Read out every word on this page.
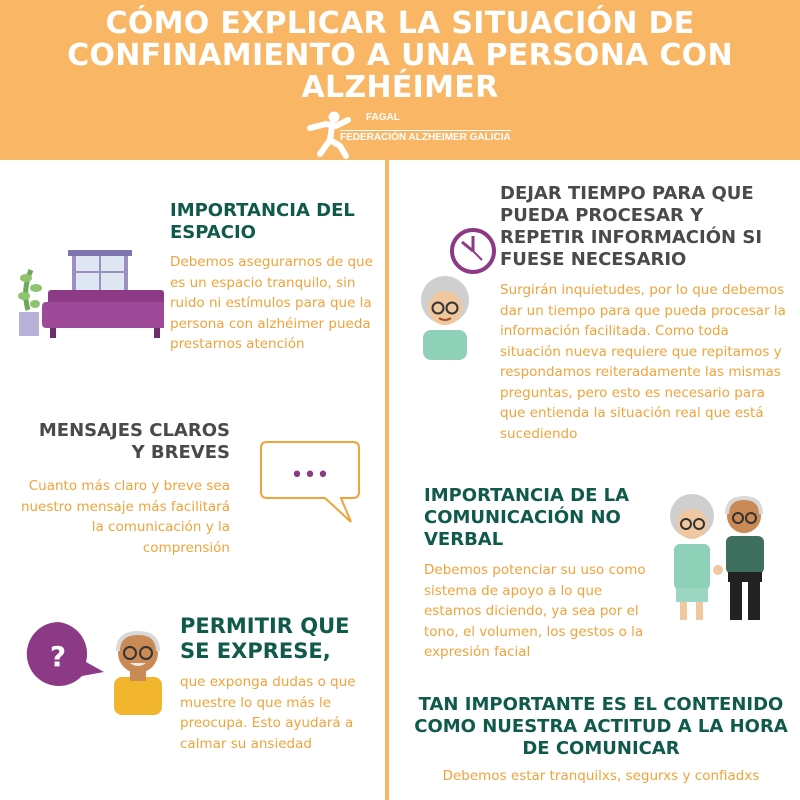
CÓMO EXPLICAR LA SITUACIÓN DE CONFINAMIENTO A UNA PERSONA CON ALZHÉIMER
FAGAL
FEDERACIÓN ALZHEIMER GALICIA
IMPORTANCIA DEL ESPACIO
Debemos asegurarnos de que es un espacio tranquilo, sin ruido ni estímulos para que la persona con alzhéimer pueda prestarnos atención
MENSAJES CLAROS Y BREVES
Cuanto más claro y breve sea nuestro mensaje más facilitará la comunicación y la comprensión
•••
?
PERMITIR QUE SE EXPRESE,
que exponga dudas o que muestre lo que más le preocupa. Esto ayudará a calmar su ansiedad
DEJAR TIEMPO PARA QUE PUEDA PROCESAR Y REPETIR INFORMACIÓN SI FUESE NECESARIO
Surgirán inquietudes, por lo que debemos dar un tiempo para que pueda procesar la información facilitada. Como toda situación nueva requiere que repitamos y respondamos reiteradamente las mismas preguntas, pero esto es necesario para que entienda la situación real que está sucediendo
IMPORTANCIA DE LA COMUNICACIÓN NO VERBAL
Debemos potenciar su uso como sistema de apoyo a lo que estamos diciendo, ya sea por el tono, el volumen, los gestos o la expresión facial
TAN IMPORTANTE ES EL CONTENIDO COMO NUESTRA ACTITUD A LA HORA DE COMUNICAR
Debemos estar tranquilxs, segurxs y confiadxs
